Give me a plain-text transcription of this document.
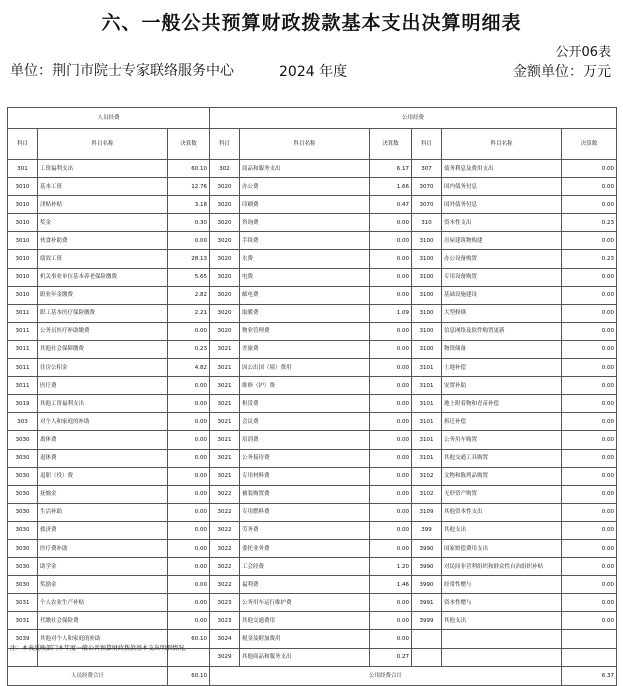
六、一般公共预算财政拨款基本支出决算明细表
公开06表
单位：荆门市院士专家联络服务中心	2024 年度	金额单位：万元
人员经费			公用经费					
科目	科目名称	决算数	科目	科目名称	决算数	科目	科目名称	决算数
301	工资福利支出	60.10	302	商品和服务支出	6.17	307	债务利息及费用支出	0.00
3010	基本工资	12.76	3020	办公费	1.66	3070	国内债务付息	0.00
3010	津贴补贴	3.18	3020	印刷费	0.47	3070	国外债务付息	0.00
3010	奖金	0.30	3020	咨询费	0.00	310	资本性支出	0.23
3010	伙食补助费	0.00	3020	手续费	0.00	3100	房屋建筑物购建	0.00
3010	绩效工资	28.13	3020	水费	0.00	3100	办公设备购置	0.23
3010	机关事业单位基本养老保险缴费	5.65	3020	电费	0.00	3100	专用设备购置	0.00
3010	职业年金缴费	2.82	3020	邮电费	0.00	3100	基础设施建设	0.00
3011	职工基本医疗保险缴费	2.21	3020	取暖费	1.09	3100	大型修缮	0.00
3011	公务员医疗补助缴费	0.00	3020	物业管理费	0.00	3100	信息网络及软件购置更新	0.00
3011	其他社会保障缴费	0.23	3021	差旅费	0.00	3100	物资储备	0.00
3011	住房公积金	4.82	3021	因公出国（境）费用	0.00	3101	土地补偿	0.00
3011	医疗费	0.00	3021	维修（护）费	0.00	3101	安置补助	0.00
3019	其他工资福利支出	0.00	3021	租赁费	0.00	3101	地上附着物和青苗补偿	0.00
303	对个人和家庭的补助	0.00	3021	会议费	0.00	3101	拆迁补偿	0.00
3030	离休费	0.00	3021	培训费	0.00	3101	公务用车购置	0.00
3030	退休费	0.00	3021	公务接待费	0.00	3101	其他交通工具购置	0.00
3030	退职（役）费	0.00	3021	专用材料费	0.00	3102	文物和陈列品购置	0.00
3030	抚恤金	0.00	3022	被装购置费	0.00	3102	无形资产购置	0.00
3030	生活补助	0.00	3022	专用燃料费	0.00	3109	其他资本性支出	0.00
3030	救济费	0.00	3022	劳务费	0.00	399	其他支出	0.00
3030	医疗费补助	0.00	3022	委托业务费	0.00	3990	国家赔偿费用支出	0.00
3030	助学金	0.00	3022	工会经费	1.20	3990	对民间非营利组织和群众性自治组织补贴	0.00
3030	奖励金	0.00	3022	福利费	1.46	3990	经常性赠与	0.00
3031	个人农业生产补贴	0.00	3023	公务用车运行维护费	0.00	3991	资本性赠与	0.00
3031	代缴社会保险费	0.00	3023	其他交通费用	0.00	3999	其他支出	0.00
3039	其他对个人和家庭的补助	60.10	3024	税金及附加费用	0.00			
			3029	其他商品和服务支出	0.27			
人员经费合计		60.10	公用经费合计					6.37
注：本表反映部门本年度一般公共预算财政拨款基本支出明细情况。
